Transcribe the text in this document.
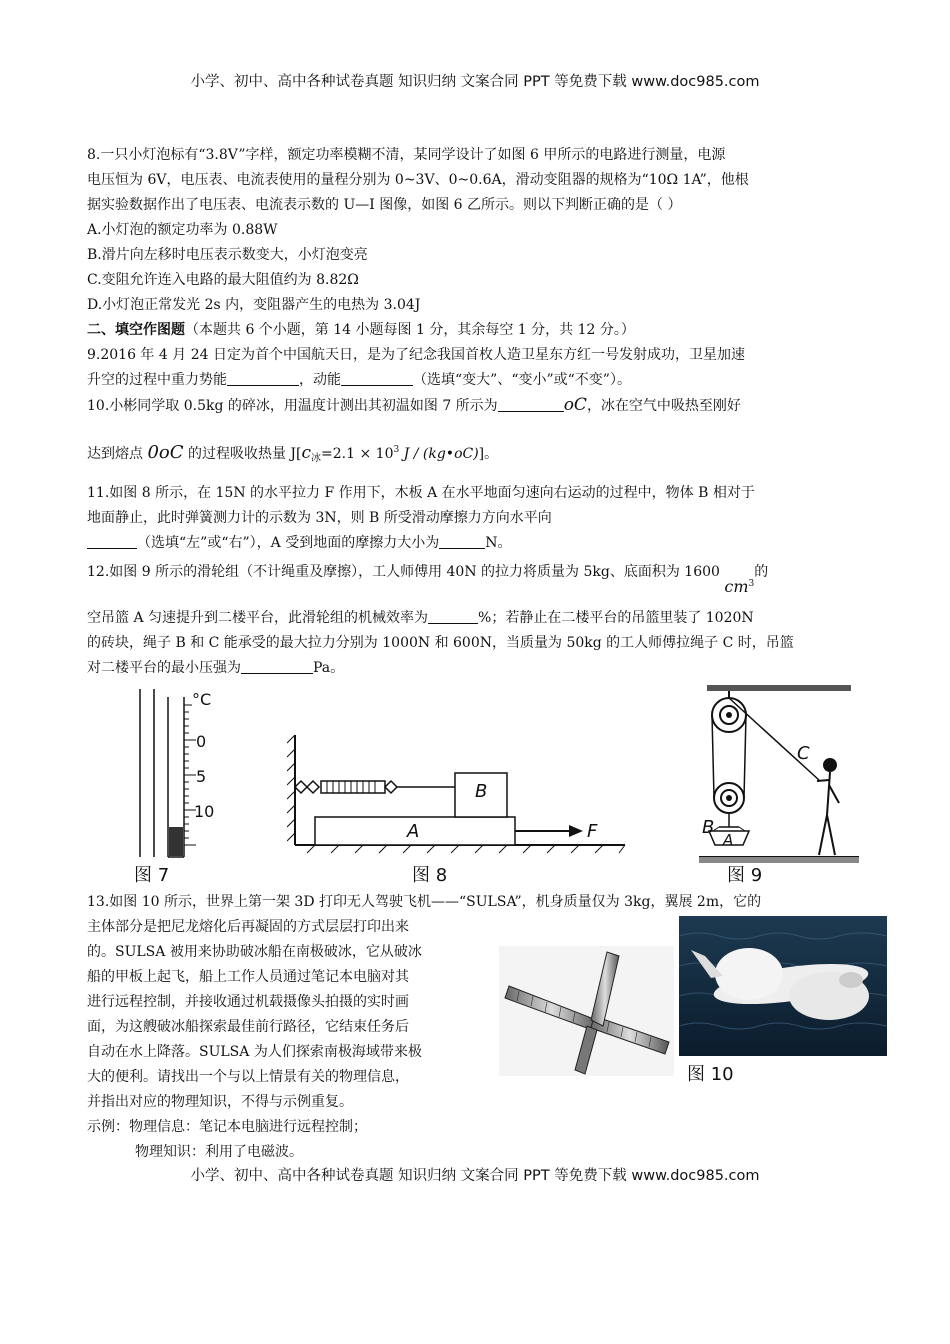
小学、初中、高中各种试卷真题 知识归纳 文案合同 PPT 等免费下载 www.doc985.com

8.一只小灯泡标有“3.8V”字样，额定功率模糊不清，某同学设计了如图 6 甲所示的电路进行测量，电源

电压恒为 6V，电压表、电流表使用的量程分别为 0~3V、0~0.6A，滑动变阻器的规格为“10Ω 1A”，他根

据实验数据作出了电压表、电流表示数的 U—I 图像，如图 6 乙所示。则以下判断正确的是（ ）

A.小灯泡的额定功率为 0.88W

B.滑片向左移时电压表示数变大，小灯泡变亮

C.变阻允许连入电路的最大阻值约为 8.82Ω

D.小灯泡正常发光 2s 内，变阻器产生的电热为 3.04J

二、填空作图题（本题共 6 个小题，第 14 小题每图 1 分，其余每空 1 分，共 12 分。）

9.2016 年 4 月 24 日定为首个中国航天日，是为了纪念我国首枚人造卫星东方红一号发射成功，卫星加速

升空的过程中重力势能	，动能	（选填“变大”、“变小”或“不变”）。

10.小彬同学取 0.5kg 的碎冰，用温度计测出其初温如图 7 所示为	oC，冰在空气中吸热至刚好

达到熔点 0oC 的过程吸收热量 $J[c_冰=2.1 \times 10^3$ J / (kg•oC)]。

11.如图 8 所示，在 15N 的水平拉力 F 作用下，木板 A 在水平地面匀速向右运动的过程中，物体 B 相对于

地面静止，此时弹簧测力计的示数为 3N，则 B 所受滑动摩擦力方向水平向

（选填“左”或“右”），A 受到地面的摩擦力大小为	N。

12.如图 9 所示的滑轮组（不计绳重及摩擦），工人师傅用 40N 的拉力将质量为 5kg、底面积为 1600 $cm^3$的

空吊篮 A 匀速提升到二楼平台，此滑轮组的机械效率为	%；若静止在二楼平台的吊篮里装了 1020N

的砖块，绳子 B 和 C 能承受的最大拉力分别为 1000N 和 600N，当质量为 50kg 的工人师傅拉绳子 C 时，吊篮

对二楼平台的最小压强为	Pa。

°C
0
5
10
图 7
B
A	F
图 8
C
B
A
图 9

13.如图 10 所示，世界上第一架 3D 打印无人驾驶飞机——“SULSA”，机身质量仅为 3kg，翼展 2m，它的

主体部分是把尼龙熔化后再凝固的方式层层打印出来

的。SULSA 被用来协助破冰船在南极破冰，它从破冰

船的甲板上起飞，船上工作人员通过笔记本电脑对其

进行远程控制，并接收通过机载摄像头拍摄的实时画

面，为这艘破冰船探索最佳前行路径，它结束任务后

自动在水上降落。SULSA 为人们探索南极海域带来极

大的便利。请找出一个与以上情景有关的物理信息，

并指出对应的物理知识，不得与示例重复。

示例：物理信息：笔记本电脑进行远程控制；

物理知识：利用了电磁波。

图 10
小学、初中、高中各种试卷真题 知识归纳 文案合同 PPT 等免费下载 www.doc985.com
